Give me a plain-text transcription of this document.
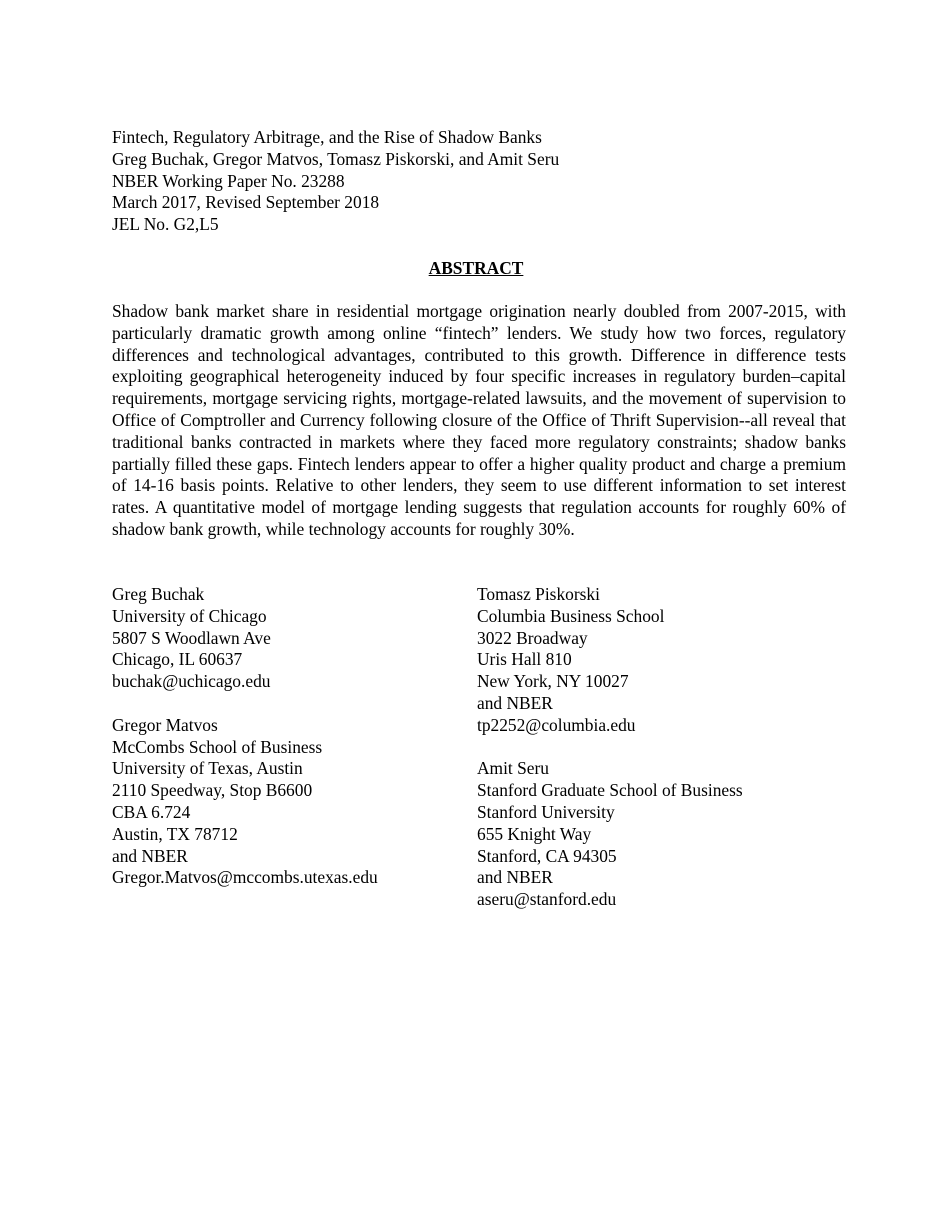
Fintech, Regulatory Arbitrage, and the Rise of Shadow Banks
Greg Buchak, Gregor Matvos, Tomasz Piskorski, and Amit Seru
NBER Working Paper No. 23288
March 2017, Revised September 2018
JEL No. G2,L5
ABSTRACT

Shadow bank market share in residential mortgage origination nearly doubled from 2007-2015, with particularly dramatic growth among online “fintech” lenders. We study how two forces, regulatory differences and technological advantages, contributed to this growth. Difference in difference tests exploiting geographical heterogeneity induced by four specific increases in regulatory burden–capital requirements, mortgage servicing rights, mortgage-related lawsuits, and the movement of supervision to Office of Comptroller and Currency following closure of the Office of Thrift Supervision--all reveal that traditional banks contracted in markets where they faced more regulatory constraints; shadow banks partially filled these gaps. Fintech lenders appear to offer a higher quality product and charge a premium of 14-16 basis points. Relative to other lenders, they seem to use different information to set interest rates. A quantitative model of mortgage lending suggests that regulation accounts for roughly 60% of shadow bank growth, while technology accounts for roughly 30%.

Greg Buchak
University of Chicago
5807 S Woodlawn Ave
Chicago, IL 60637
buchak@uchicago.edu
Gregor Matvos
McCombs School of Business
University of Texas, Austin
2110 Speedway, Stop B6600
CBA 6.724
Austin, TX 78712
and NBER
Gregor.Matvos@mccombs.utexas.edu
Tomasz Piskorski
Columbia Business School
3022 Broadway
Uris Hall 810
New York, NY 10027
and NBER
tp2252@columbia.edu
Amit Seru
Stanford Graduate School of Business
Stanford University
655 Knight Way
Stanford, CA 94305
and NBER
aseru@stanford.edu
